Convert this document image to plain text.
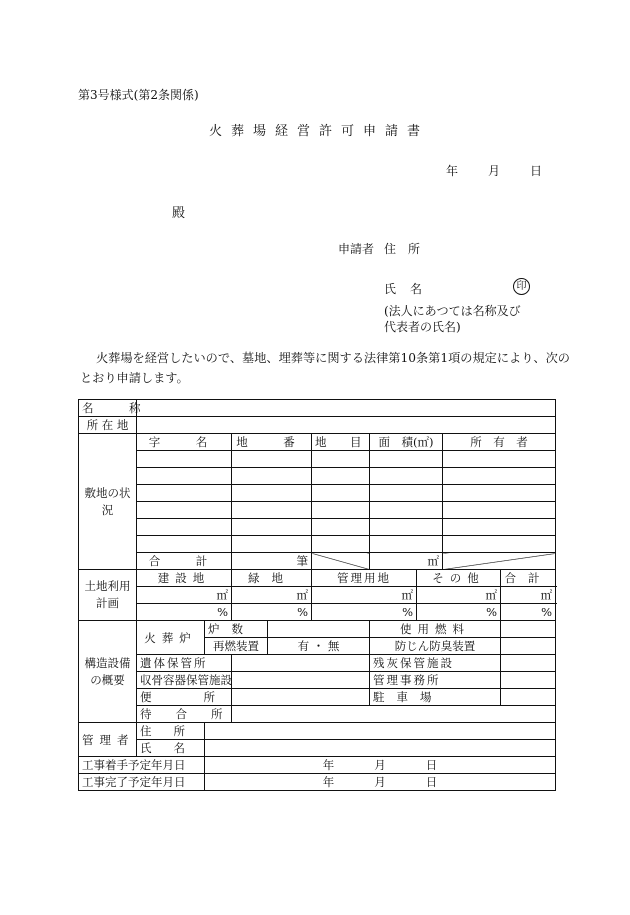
第3号様式(第2条関係)
火葬場経営許可申請書
年	月	日
殿
申請者 住　所
氏名	印
(法人にあつては名称及び
代表者の氏名)
火葬場を経営したいので、墓地、埋葬等に関する法律第10条第1項の規定により、次の
とおり申請します。
名　称									
所 在 地									
敷地の状況	字　名		地　番		地　目	面　積(㎡)		所　有　者	

	合　計		筆			㎡			
土地利用計画	建設地		緑地		管理用地		その他		合計
	㎡		㎡		㎡		㎡		㎡
	%		%		%		%		%
構造設備の概要	火葬炉	炉数				使用燃料			
		再燃装置		有 ・ 無		防じん防臭装置			
	遺体保管所					残灰保管施設			
	収骨容器保管施設					管理事務所			

	便所					駐車場			
	待合所								
管理者	住所								
	氏名								
工事着手予定年月日		年 月 日							
工事完了予定年月日		年 月 日							
